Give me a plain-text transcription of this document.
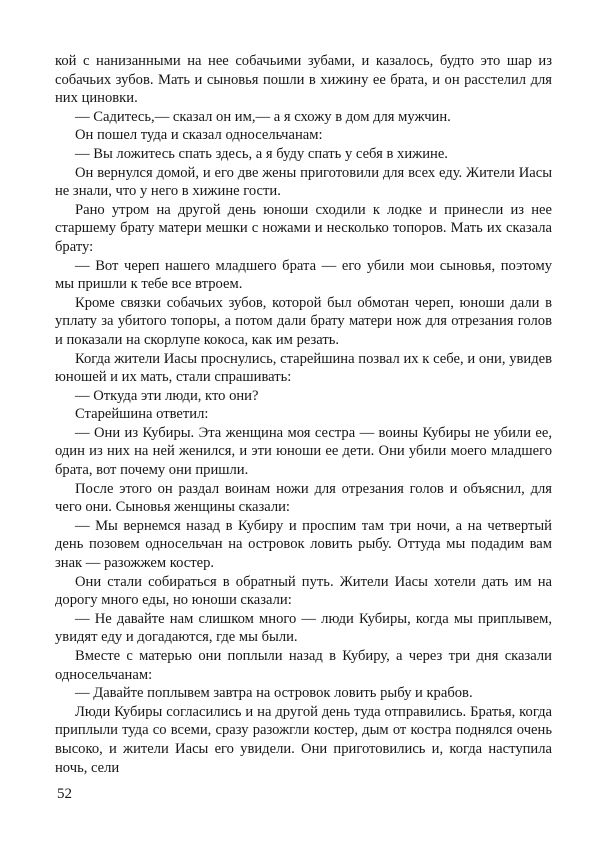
кой с нанизанными на нее собачьими зубами, и казалось, будто это шар из собачьих зубов. Мать и сыновья пошли в хижину ее брата, и он расстелил для них циновки.

— Садитесь,— сказал он им,— а я схожу в дом для мужчин.

Он пошел туда и сказал односельчанам:

— Вы ложитесь спать здесь, а я буду спать у себя в хижине.

Он вернулся домой, и его две жены приготовили для всех еду. Жители Иасы не знали, что у него в хижине гости.

Рано утром на другой день юноши сходили к лодке и принесли из нее старшему брату матери мешки с ножами и несколько топоров. Мать их сказала брату:

— Вот череп нашего младшего брата — его убили мои сыновья, поэтому мы пришли к тебе все втроем.

Кроме связки собачьих зубов, которой был обмотан череп, юноши дали в уплату за убитого топоры, а потом дали брату матери нож для отрезания голов и показали на скорлупе кокоса, как им резать.

Когда жители Иасы проснулись, старейшина позвал их к себе, и они, увидев юношей и их мать, стали спрашивать:

— Откуда эти люди, кто они?

Старейшина ответил:

— Они из Кубиры. Эта женщина моя сестра — воины Кубиры не убили ее, один из них на ней женился, и эти юноши ее дети. Они убили моего младшего брата, вот почему они пришли.

После этого он раздал воинам ножи для отрезания голов и объяснил, для чего они. Сыновья женщины сказали:

— Мы вернемся назад в Кубиру и проспим там три ночи, а на четвертый день позовем односельчан на островок ловить рыбу. Оттуда мы подадим вам знак — разожжем костер.

Они стали собираться в обратный путь. Жители Иасы хотели дать им на дорогу много еды, но юноши сказали:

— Не давайте нам слишком много — люди Кубиры, когда мы приплывем, увидят еду и догадаются, где мы были.

Вместе с матерью они поплыли назад в Кубиру, а через три дня сказали односельчанам:

— Давайте поплывем завтра на островок ловить рыбу и крабов.

Люди Кубиры согласились и на другой день туда отправились. Братья, когда приплыли туда со всеми, сразу разожгли костер, дым от костра поднялся очень высоко, и жители Иасы его увидели. Они приготовились и, когда наступила ночь, сели

52
